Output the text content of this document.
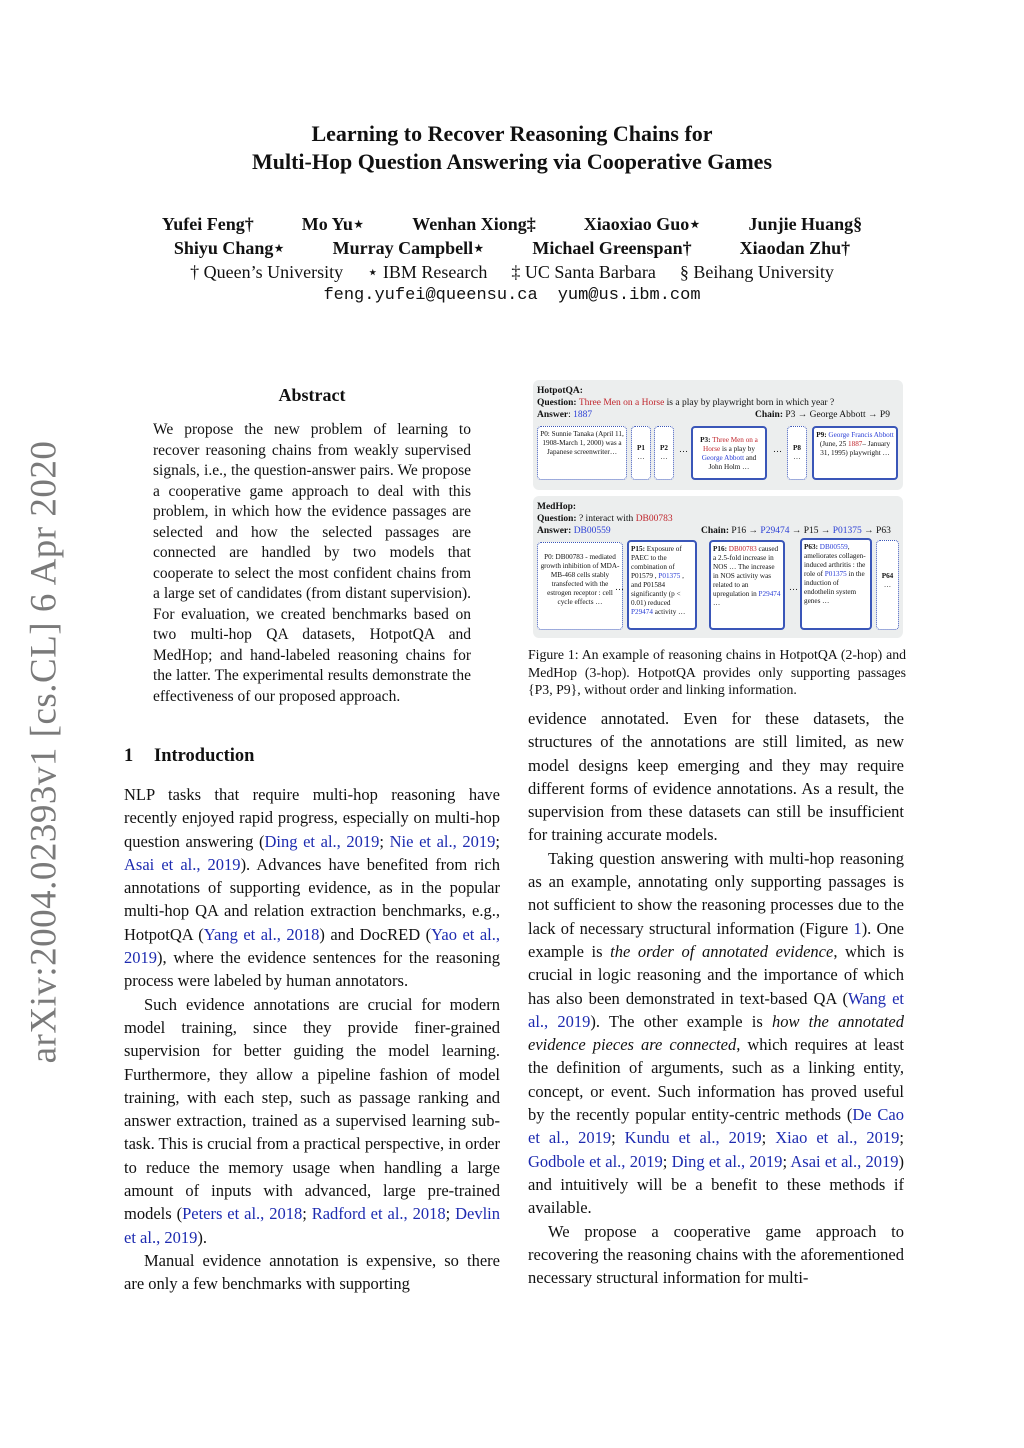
Learning to Recover Reasoning Chains for
Multi-Hop Question Answering via Cooperative Games
Yufei Feng†	Mo Yu⋆	Wenhan Xiong‡	Xiaoxiao Guo⋆	Junjie Huang§
Shiyu Chang⋆	Murray Campbell⋆	Michael Greenspan†	Xiaodan Zhu†
† Queen’s University ⋆ IBM Research ‡ UC Santa Barbara § Beihang University
feng.yufei@queensu.ca yum@us.ibm.com
arXiv:2004.02393v1 [cs.CL] 6 Apr 2020
Abstract
We propose the new problem of learning to recover reasoning chains from weakly supervised signals, i.e., the question-answer pairs. We propose a cooperative game approach to deal with this problem, in which how the evidence passages are selected and how the selected passages are connected are handled by two models that cooperate to select the most confident chains from a large set of candidates (from distant supervision). For evaluation, we created benchmarks based on two multi-hop QA datasets, HotpotQA and MedHop; and hand-labeled reasoning chains for the latter. The experimental results demonstrate the effectiveness of our proposed approach.
1 Introduction

NLP tasks that require multi-hop reasoning have recently enjoyed rapid progress, especially on multi-hop question answering (Ding et al., 2019; Nie et al., 2019; Asai et al., 2019). Advances have benefited from rich annotations of supporting evidence, as in the popular multi-hop QA and relation extraction benchmarks, e.g., HotpotQA (Yang et al., 2018) and DocRED (Yao et al., 2019), where the evidence sentences for the reasoning process were labeled by human annotators.

Such evidence annotations are crucial for modern model training, since they provide finer-grained supervision for better guiding the model learning. Furthermore, they allow a pipeline fashion of model training, with each step, such as passage ranking and answer extraction, trained as a supervised learning sub-task. This is crucial from a practical perspective, in order to reduce the memory usage when handling a large amount of inputs with advanced, large pre-trained models (Peters et al., 2018; Radford et al., 2018; Devlin et al., 2019).

Manual evidence annotation is expensive, so there are only a few benchmarks with supporting

HotpotQA:
Question: Three Men on a Horse is a play by playwright born in which year ?
Answer: 1887	Chain: P3 → George Abbott → P9
P0: Sunnie Tanaka (April 11, 1908-March 1, 2000) was a Japanese screenwriter…	P1
…
P2
…
…
P3: Three Men on a Horse is a play by George Abbott and John Holm …
…	P8
…
P9: George Francis Abbott (June, 25 1887– January 31, 1995) playwright …
MedHop:
Question: ? interact with DB00783
Answer: DB00559	Chain: P16 → P29474 → P15 → P01375 → P63
P0: DB00783 - mediated growth inhibition of MDA-MB-468 cells stably transfected with the estrogen receptor : cell cycle effects …
…
P15: Exposure of PAEC to the combination of P01579 , P01375 , and P01584 significantly (p < 0.01) reduced P29474 activity …
P16: DB00783 caused a 2.5-fold increase in NOS … The increase in NOS activity was related to an upregulation in P29474 …
…
P63: DB00559, ameliorates collagen-induced arthritis : the role of P01375 in the induction of endothelin system genes …
P64
…
Figure 1: An example of reasoning chains in HotpotQA (2-hop) and MedHop (3-hop). HotpotQA provides only supporting passages {P3, P9}, without order and linking information.

evidence annotated. Even for these datasets, the structures of the annotations are still limited, as new model designs keep emerging and they may require different forms of evidence annotations. As a result, the supervision from these datasets can still be insufficient for training accurate models.

Taking question answering with multi-hop reasoning as an example, annotating only supporting passages is not sufficient to show the reasoning processes due to the lack of necessary structural information (Figure 1). One example is the order of annotated evidence, which is crucial in logic reasoning and the importance of which has also been demonstrated in text-based QA (Wang et al., 2019). The other example is how the annotated evidence pieces are connected, which requires at least the definition of arguments, such as a linking entity, concept, or event. Such information has proved useful by the recently popular entity-centric methods (De Cao et al., 2019; Kundu et al., 2019; Xiao et al., 2019; Godbole et al., 2019; Ding et al., 2019; Asai et al., 2019) and intuitively will be a benefit to these methods if available.

We propose a cooperative game approach to recovering the reasoning chains with the aforementioned necessary structural information for multi-
